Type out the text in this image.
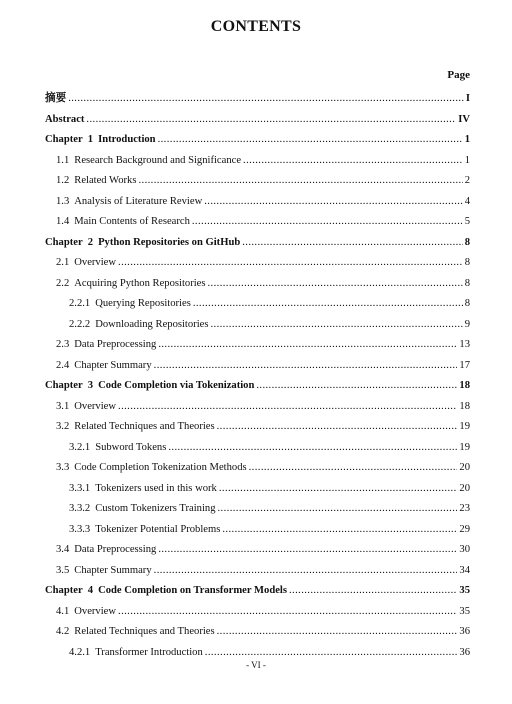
CONTENTS
Page
摘要 .....	I
Abstract .....	IV
Chapter  1 Introduction .....	1
1.1 Research Background and Significance .....	1
1.2 Related Works .....	2
1.3 Analysis of Literature Review .....	4
1.4 Main Contents of Research .....	5
Chapter  2 Python Repositories on GitHub .....	8
2.1 Overview .....	8
2.2 Acquiring Python Repositories .....	8
2.2.1 Querying Repositories .....	8
2.2.2 Downloading Repositories .....	9
2.3 Data Preprocessing .....	13
2.4 Chapter Summary .....	17
Chapter  3 Code Completion via Tokenization .....	18
3.1 Overview .....	18
3.2 Related Techniques and Theories .....	19
3.2.1 Subword Tokens .....	19
3.3 Code Completion Tokenization Methods .....	20
3.3.1 Tokenizers used in this work .....	20
3.3.2 Custom Tokenizers Training .....	23
3.3.3 Tokenizer Potential Problems .....	29
3.4 Data Preprocessing .....	30
3.5 Chapter Summary .....	34
Chapter  4 Code Completion on Transformer Models .....	35
4.1 Overview .....	35
4.2 Related Techniques and Theories .....	36
4.2.1 Transformer Introduction .....	36
- VI -
